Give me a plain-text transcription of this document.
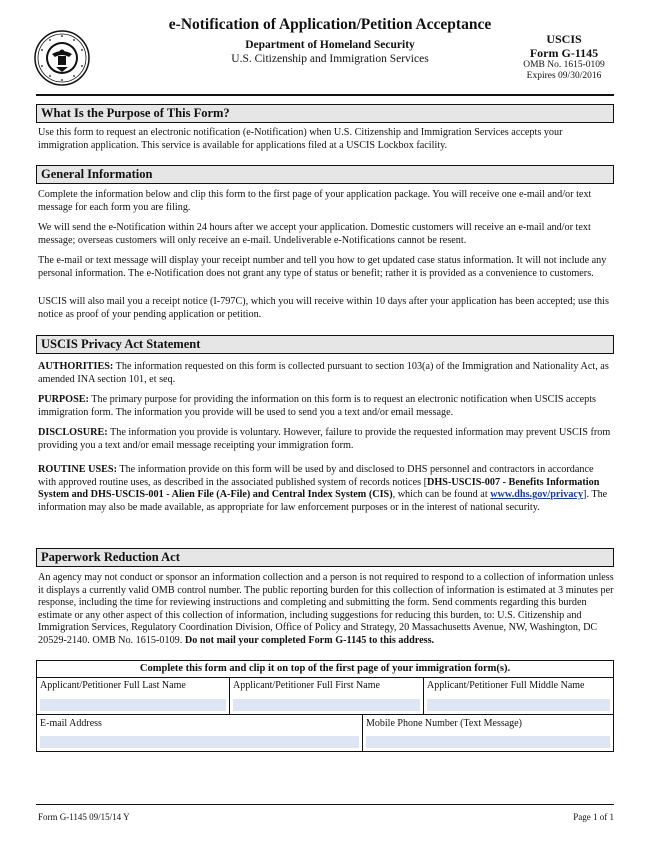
e-Notification of Application/Petition Acceptance
Department of Homeland Security
U.S. Citizenship and Immigration Services
USCIS
Form G-1145
OMB No. 1615-0109
Expires 09/30/2016
What Is the Purpose of This Form?

Use this form to request an electronic notification (e-Notification) when U.S. Citizenship and Immigration Services accepts your immigration application. This service is available for applications filed at a USCIS Lockbox facility.

General Information

Complete the information below and clip this form to the first page of your application package. You will receive one e-mail and/or text message for each form you are filing.

We will send the e-Notification within 24 hours after we accept your application. Domestic customers will receive an e-mail and/or text message; overseas customers will only receive an e-mail. Undeliverable e-Notifications cannot be resent.

The e-mail or text message will display your receipt number and tell you how to get updated case status information. It will not include any personal information. The e-Notification does not grant any type of status or benefit; rather it is provided as a convenience to customers.

USCIS will also mail you a receipt notice (I-797C), which you will receive within 10 days after your application has been accepted; use this notice as proof of your pending application or petition.

USCIS Privacy Act Statement

AUTHORITIES: The information requested on this form is collected pursuant to section 103(a) of the Immigration and Nationality Act, as amended INA section 101, et seq.

PURPOSE: The primary purpose for providing the information on this form is to request an electronic notification when USCIS accepts immigration form. The information you provide will be used to send you a text and/or email message.

DISCLOSURE: The information you provide is voluntary. However, failure to provide the requested information may prevent USCIS from providing you a text and/or email message receipting your immigration form.

ROUTINE USES: The information provide on this form will be used by and disclosed to DHS personnel and contractors in accordance with approved routine uses, as described in the associated published system of records notices [DHS-USCIS-007 - Benefits Information System and DHS-USCIS-001 - Alien File (A-File) and Central Index System (CIS), which can be found at www.dhs.gov/privacy]. The information may also be made available, as appropriate for law enforcement purposes or in the interest of national security.

Paperwork Reduction Act

An agency may not conduct or sponsor an information collection and a person is not required to respond to a collection of information unless it displays a currently valid OMB control number. The public reporting burden for this collection of information is estimated at 3 minutes per response, including the time for reviewing instructions and completing and submitting the form. Send comments regarding this burden estimate or any other aspect of this collection of information, including suggestions for reducing this burden, to: U.S. Citizenship and Immigration Services, Regulatory Coordination Division, Office of Policy and Strategy, 20 Massachusetts Avenue, NW, Washington, DC 20529-2140. OMB No. 1615-0109. Do not mail your completed Form G-1145 to this address.

Complete this form and clip it on top of the first page of your immigration form(s).
Applicant/Petitioner Full Last Name	Applicant/Petitioner Full First Name	Applicant/Petitioner Full Middle Name
E-mail Address	Mobile Phone Number (Text Message)
Form G-1145 09/15/14 Y	Page 1 of 1
